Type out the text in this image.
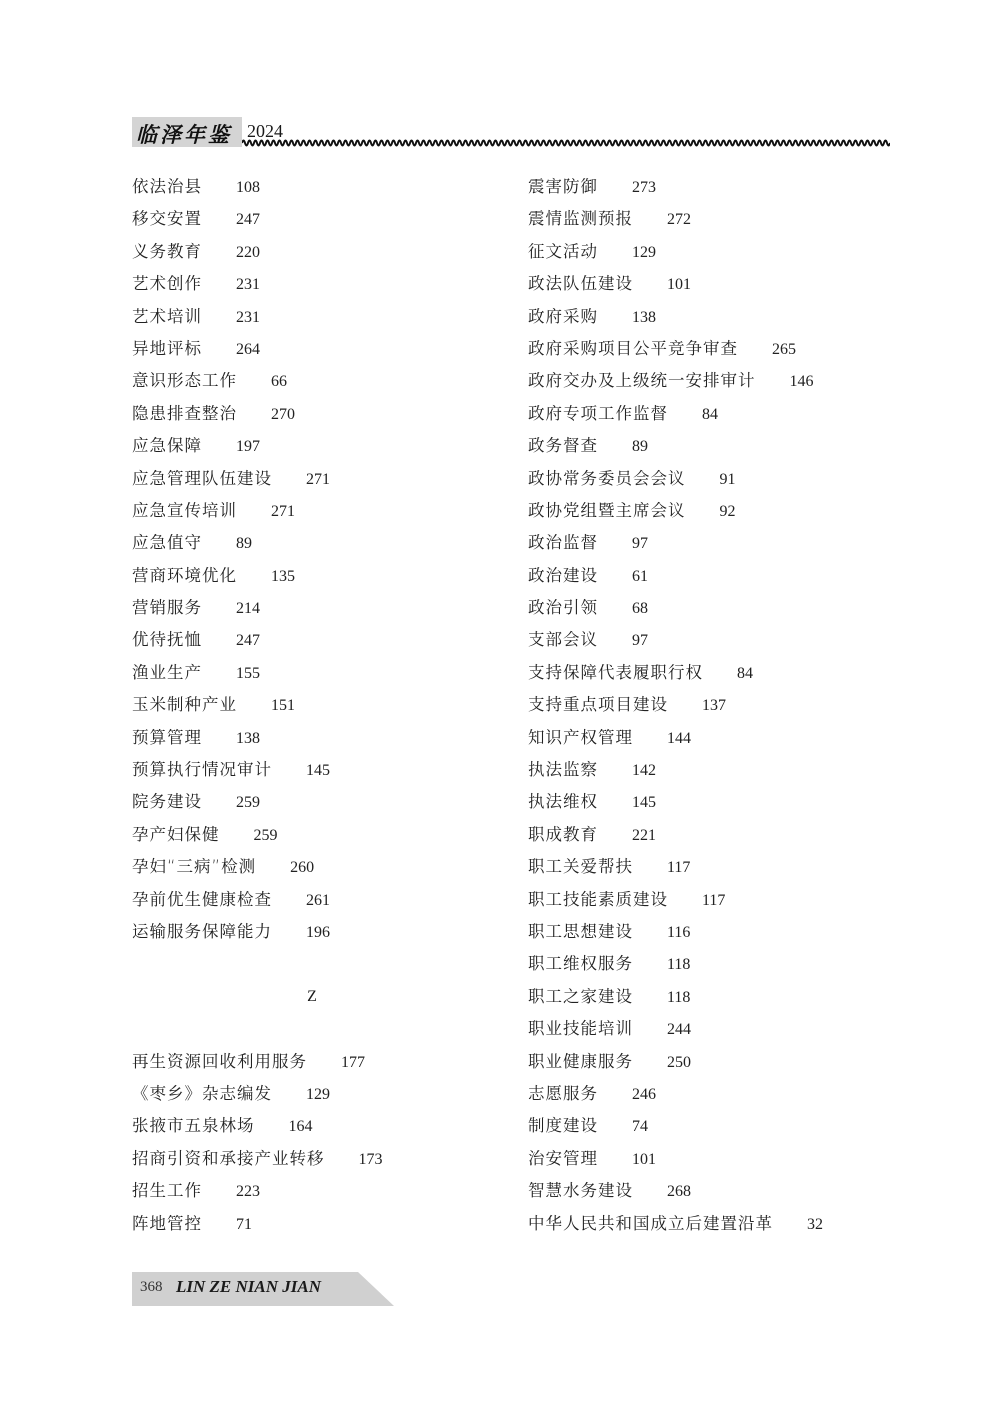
临泽年鉴 2024
依法治县 108
移交安置 247
义务教育 220
艺术创作 231
艺术培训 231
异地评标 264
意识形态工作 66
隐患排查整治 270
应急保障 197
应急管理队伍建设 271
应急宣传培训 271
应急值守 89
营商环境优化 135
营销服务 214
优待抚恤 247
渔业生产 155
玉米制种产业 151
预算管理 138
预算执行情况审计 145
院务建设 259
孕产妇保健 259
孕妇“三病”检测 260
孕前优生健康检查 261
运输服务保障能力 196
Z
再生资源回收利用服务 177
《枣乡》杂志编发 129
张掖市五泉林场 164
招商引资和承接产业转移 173
招生工作 223
阵地管控 71
震害防御 273
震情监测预报 272
征文活动 129
政法队伍建设 101
政府采购 138
政府采购项目公平竞争审查 265
政府交办及上级统一安排审计 146
政府专项工作监督 84
政务督查 89
政协常务委员会会议 91
政协党组暨主席会议 92
政治监督 97
政治建设 61
政治引领 68
支部会议 97
支持保障代表履职行权 84
支持重点项目建设 137
知识产权管理 144
执法监察 142
执法维权 145
职成教育 221
职工关爱帮扶 117
职工技能素质建设 117
职工思想建设 116
职工维权服务 118
职工之家建设 118
职业技能培训 244
职业健康服务 250
志愿服务 246
制度建设 74
治安管理 101
智慧水务建设 268
中华人民共和国成立后建置沿革 32
368 LIN ZE NIAN JIAN
